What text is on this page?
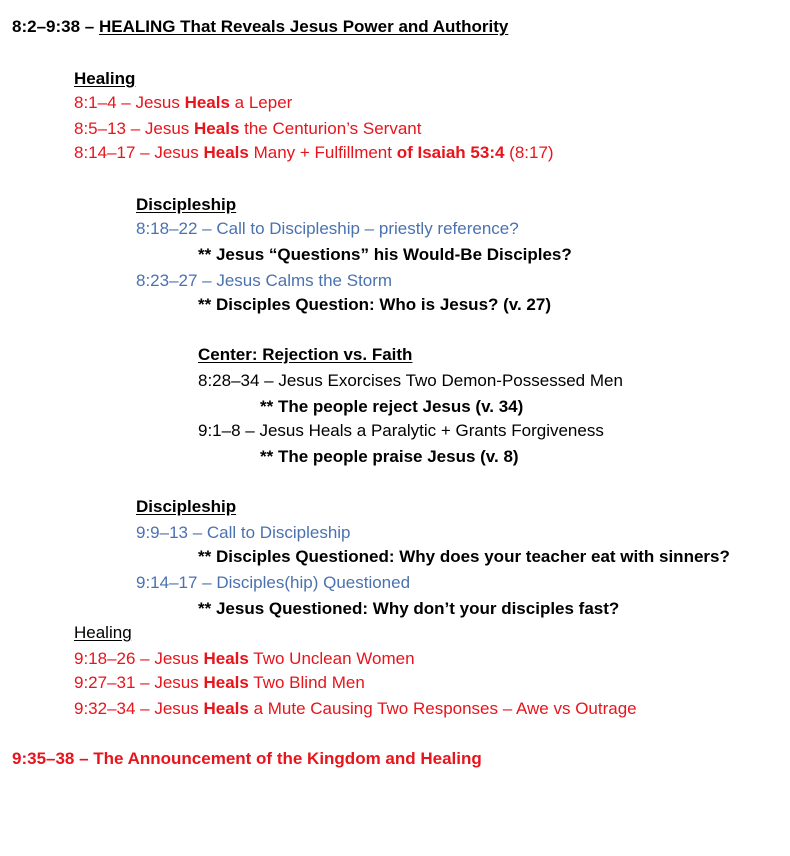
8:2–9:38 – HEALING That Reveals Jesus Power and Authority
Healing
8:1–4 – Jesus Heals a Leper
8:5–13 – Jesus Heals the Centurion’s Servant
8:14–17 – Jesus Heals Many + Fulfillment of Isaiah 53:4 (8:17)
Discipleship
8:18–22 – Call to Discipleship – priestly reference?
** Jesus “Questions” his Would-Be Disciples?
8:23–27 – Jesus Calms the Storm
** Disciples Question: Who is Jesus? (v. 27)
Center: Rejection vs. Faith
8:28–34 – Jesus Exorcises Two Demon-Possessed Men
** The people reject Jesus (v. 34)
9:1–8 – Jesus Heals a Paralytic + Grants Forgiveness
** The people praise Jesus (v. 8)
Discipleship
9:9–13 – Call to Discipleship
** Disciples Questioned: Why does your teacher eat with sinners?
9:14–17 – Disciples(hip) Questioned
** Jesus Questioned: Why don’t your disciples fast?
Healing
9:18–26 – Jesus Heals Two Unclean Women
9:27–31 – Jesus Heals Two Blind Men
9:32–34 – Jesus Heals a Mute Causing Two Responses – Awe vs Outrage
9:35–38 – The Announcement of the Kingdom and Healing
